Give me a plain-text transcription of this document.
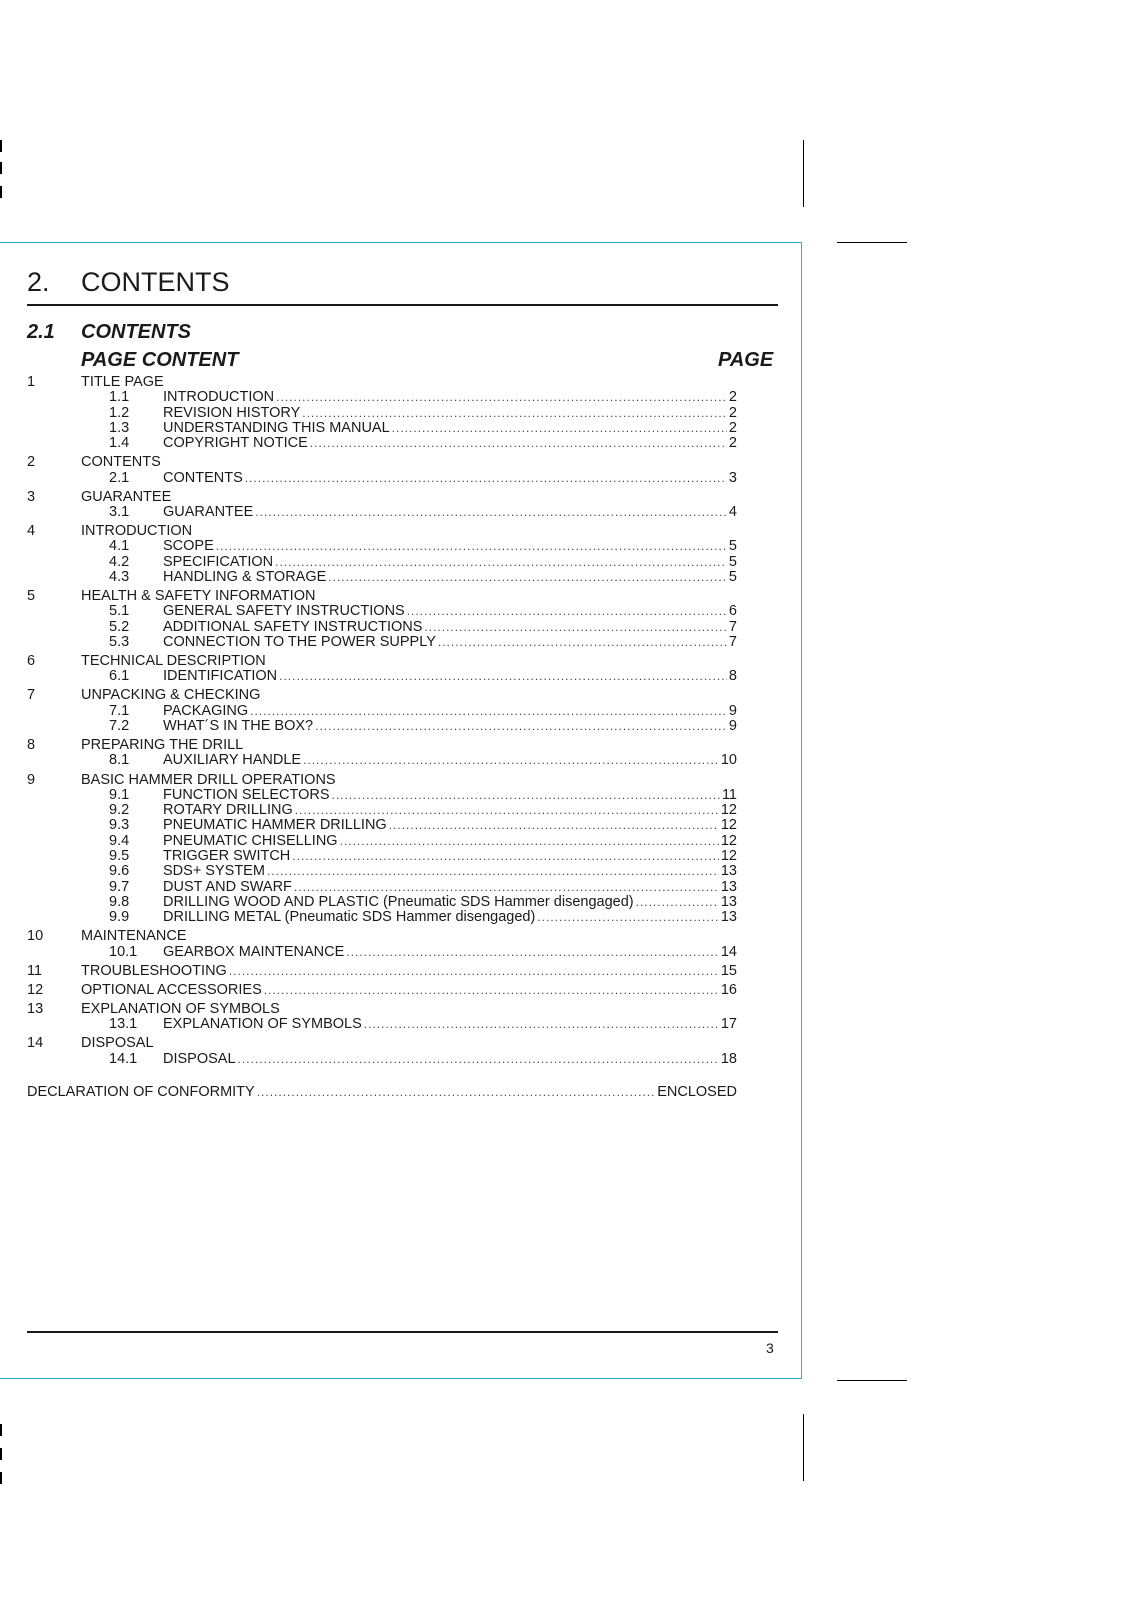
2. CONTENTS
2.1 CONTENTS
PAGE CONTENT	PAGE
1	TITLE PAGE
1.1	INTRODUCTION .....	2
1.2	REVISION HISTORY .....	2
1.3	UNDERSTANDING THIS MANUAL .....	2
1.4	COPYRIGHT NOTICE .....	2
2	CONTENTS
2.1	CONTENTS .....	3
3	GUARANTEE
3.1	GUARANTEE .....	4
4	INTRODUCTION
4.1	SCOPE .....	5
4.2	SPECIFICATION .....	5
4.3	HANDLING & STORAGE .....	5
5	HEALTH & SAFETY INFORMATION
5.1	GENERAL SAFETY INSTRUCTIONS .....	6
5.2	ADDITIONAL SAFETY INSTRUCTIONS .....	7
5.3	CONNECTION TO THE POWER SUPPLY .....	7
6	TECHNICAL DESCRIPTION
6.1	IDENTIFICATION .....	8
7	UNPACKING & CHECKING
7.1	PACKAGING .....	9
7.2	WHAT´S IN THE BOX? .....	9
8	PREPARING THE DRILL
8.1	AUXILIARY HANDLE .....	10
9	BASIC HAMMER DRILL OPERATIONS
9.1	FUNCTION SELECTORS .....	11
9.2	ROTARY DRILLING .....	12
9.3	PNEUMATIC HAMMER DRILLING .....	12
9.4	PNEUMATIC CHISELLING .....	12
9.5	TRIGGER SWITCH .....	12
9.6	SDS+ SYSTEM .....	13
9.7	DUST AND SWARF .....	13
9.8	DRILLING WOOD AND PLASTIC (Pneumatic SDS Hammer disengaged) .....	13
9.9	DRILLING METAL (Pneumatic SDS Hammer disengaged) .....	13
10	MAINTENANCE
10.1	GEARBOX MAINTENANCE .....	14
11	TROUBLESHOOTING .....	15
12	OPTIONAL ACCESSORIES .....	16
13	EXPLANATION OF SYMBOLS
13.1	EXPLANATION OF SYMBOLS .....	17
14	DISPOSAL
14.1	DISPOSAL .....	18
DECLARATION OF CONFORMITY .....	ENCLOSED
3
